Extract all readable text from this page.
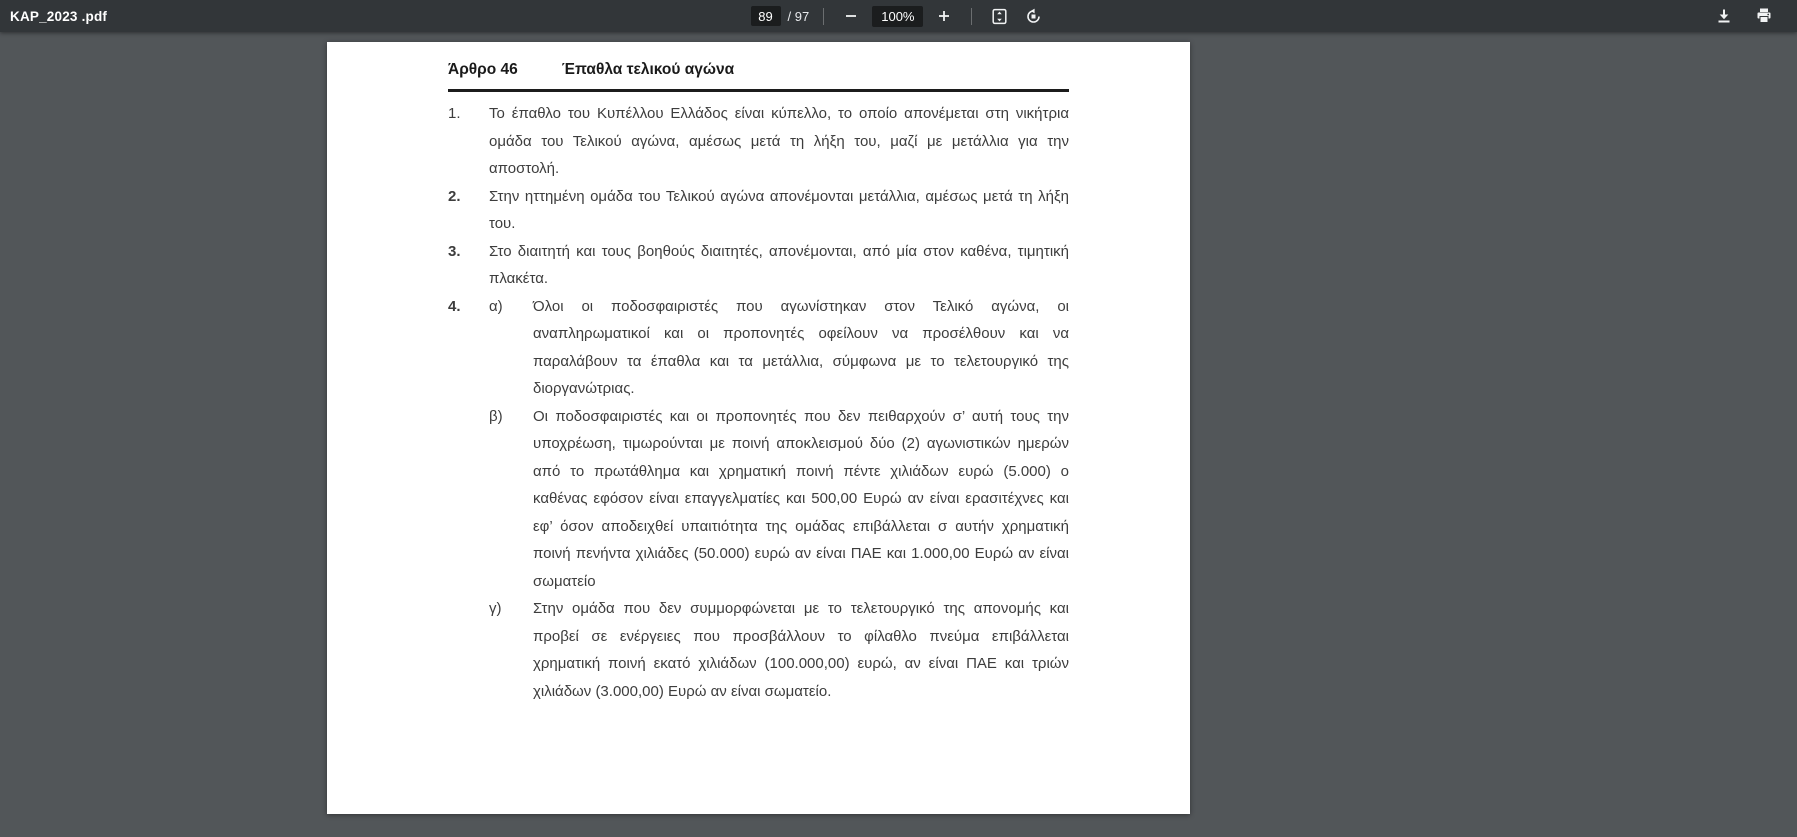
KAP_2023 .pdf
89	/ 97	100%
Άρθρο 46	Έπαθλα τελικού αγώνα
1.	Το έπαθλο του Κυπέλλου Ελλάδος είναι κύπελλο, το οποίο απονέμεται στη νικήτρια ομάδα του Τελικού αγώνα, αμέσως μετά τη λήξη του, μαζί με μετάλλια για την αποστολή.
2.	Στην ηττημένη ομάδα του Τελικού αγώνα απονέμονται μετάλλια, αμέσως μετά τη λήξη του.
3.	Στο διαιτητή και τους βοηθούς διαιτητές, απονέμονται, από μία στον καθένα, τιμητική πλακέτα.
4.	α)	Όλοι οι ποδοσφαιριστές που αγωνίστηκαν στον Τελικό αγώνα, οι αναπληρωματικοί και οι προπονητές οφείλουν να προσέλθουν και να παραλάβουν τα έπαθλα και τα μετάλλια, σύμφωνα με το τελετουργικό της διοργανώτριας.
β)	Οι ποδοσφαιριστές και οι προπονητές που δεν πειθαρχούν σ’ αυτή τους την υποχρέωση, τιμωρούνται με ποινή αποκλεισμού δύο (2) αγωνιστικών ημερών από το πρωτάθλημα και χρηματική ποινή πέντε χιλιάδων ευρώ (5.000) ο καθένας εφόσον είναι επαγγελματίες και 500,00 Ευρώ αν είναι ερασιτέχνες και εφ’ όσον αποδειχθεί υπαιτιότητα της ομάδας επιβάλλεται σ αυτήν χρηματική ποινή πενήντα χιλιάδες (50.000) ευρώ αν είναι ΠΑΕ και 1.000,00 Ευρώ αν είναι σωματείο
γ)	Στην ομάδα που δεν συμμορφώνεται με το τελετουργικό της απονομής και προβεί σε ενέργειες που προσβάλλουν το φίλαθλο πνεύμα επιβάλλεται χρηματική ποινή εκατό χιλιάδων (100.000,00) ευρώ, αν είναι ΠΑΕ και τριών χιλιάδων (3.000,00) Ευρώ αν είναι σωματείο.
